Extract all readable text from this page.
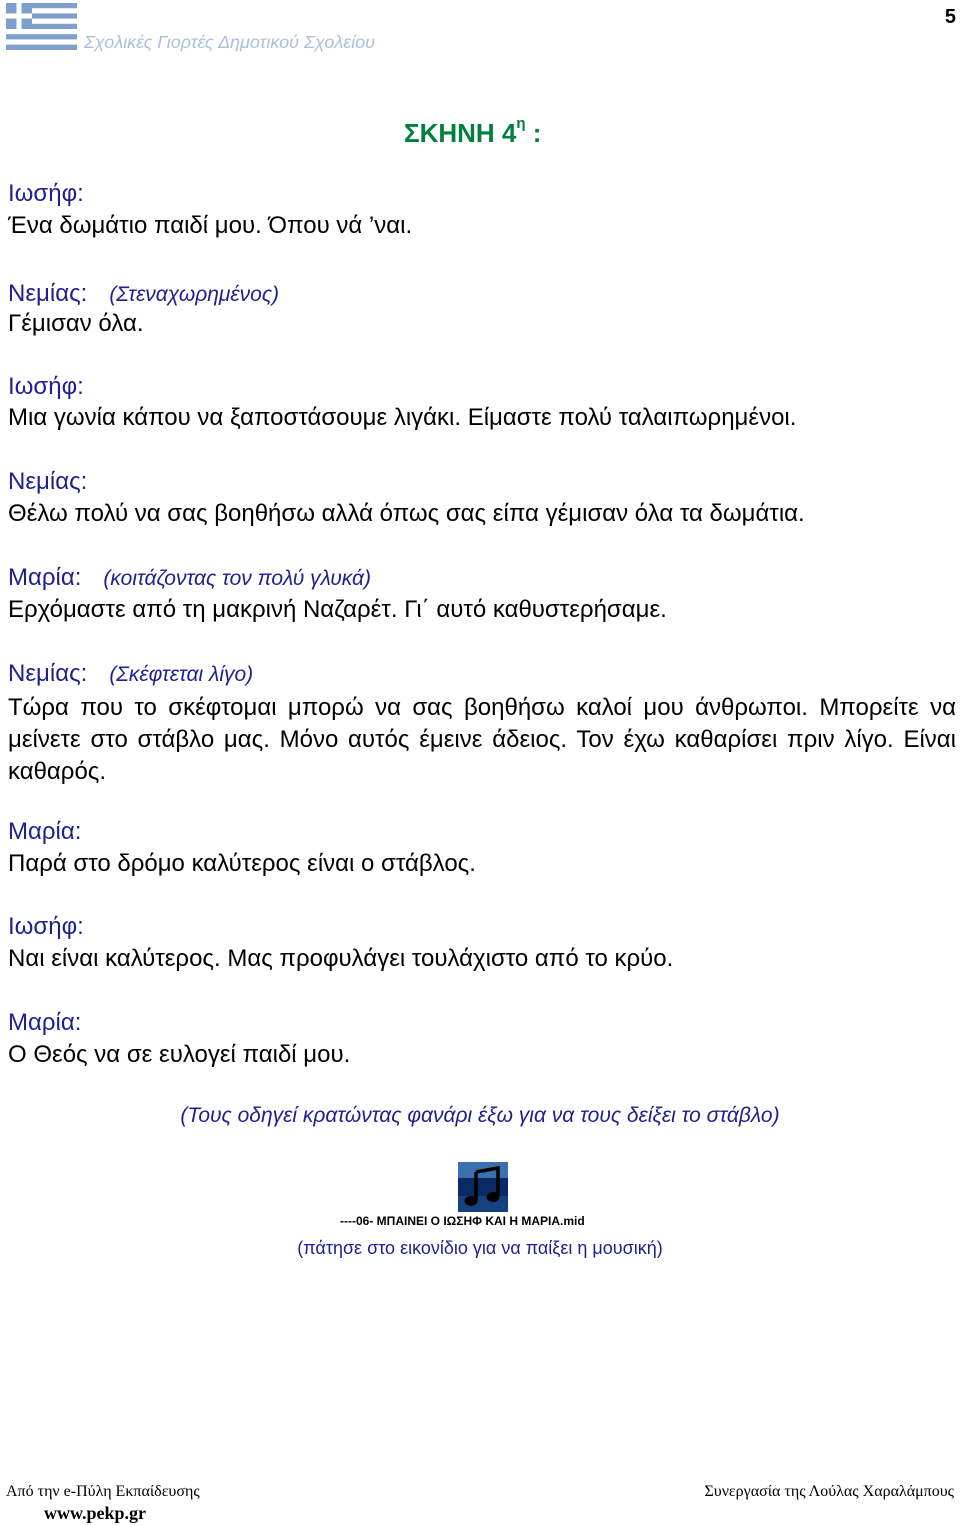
Σχολικές Γιορτές Δημοτικού Σχολείου
5
ΣΚΗΝΗ $4^\eta$ :
Ιωσήφ:
Ένα δωμάτιο παιδί μου. Όπου νά ’ναι.
Νεμίας: (Στεναχωρημένος)
Γέμισαν όλα.
Ιωσήφ:
Μια γωνία κάπου να ξαποστάσουμε λιγάκι. Είμαστε πολύ ταλαιπωρημένοι.
Νεμίας:
Θέλω πολύ να σας βοηθήσω αλλά όπως σας είπα γέμισαν όλα τα δωμάτια.
Μαρία: (κοιτάζοντας τον πολύ γλυκά)
Ερχόμαστε από τη μακρινή Ναζαρέτ. Γι΄ αυτό καθυστερήσαμε.
Νεμίας: (Σκέφτεται λίγο)
Τώρα που το σκέφτομαι μπορώ να σας βοηθήσω καλοί μου άνθρωποι. Μπορείτε να μείνετε στο στάβλο μας. Μόνο αυτός έμεινε άδειος. Τον έχω καθαρίσει πριν λίγο. Είναι καθαρός.
Μαρία:
Παρά στο δρόμο καλύτερος είναι ο στάβλος.
Ιωσήφ:
Ναι είναι καλύτερος. Μας προφυλάγει τουλάχιστο από το κρύο.
Μαρία:
Ο Θεός να σε ευλογεί παιδί μου.
(Τους οδηγεί κρατώντας φανάρι έξω για να τους δείξει το στάβλο)
----06- ΜΠΑΙΝΕΙ Ο ΙΩΣΗΦ ΚΑΙ Η ΜΑΡΙΑ.mid
(πάτησε στο εικονίδιο για να παίξει η μουσική)
Από την e-Πύλη Εκπαίδευσης
www.pekp.gr
Συνεργασία της Λούλας Χαραλάμπους
